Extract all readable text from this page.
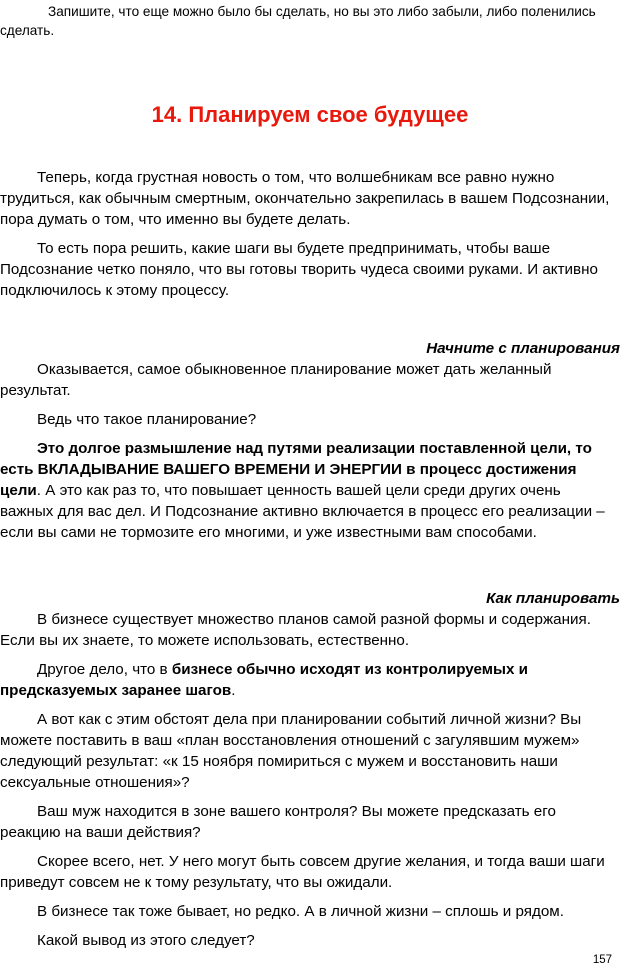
Запишите, что еще можно было бы сделать, но вы это либо забыли, либо поленились сделать.

14. Планируем свое будущее

Теперь, когда грустная новость о том, что волшебникам все равно нужно трудиться, как обычным смертным, окончательно закрепилась в вашем Подсознании, пора думать о том, что именно вы будете делать.

То есть пора решить, какие шаги вы будете предпринимать, чтобы ваше Подсознание четко поняло, что вы готовы творить чудеса своими руками. И активно подключилось к этому процессу.

Начните с планирования

Оказывается, самое обыкновенное планирование может дать желанный результат.

Ведь что такое планирование?

Это долгое размышление над путями реализации поставленной цели, то есть ВКЛАДЫВАНИЕ ВАШЕГО ВРЕМЕНИ И ЭНЕРГИИ в процесс достижения цели. А это как раз то, что повышает ценность вашей цели среди других очень важных для вас дел. И Подсознание активно включается в процесс его реализации – если вы сами не тормозите его многими, и уже известными вам способами.

Как планировать

В бизнесе существует множество планов самой разной формы и содержания. Если вы их знаете, то можете использовать, естественно.

Другое дело, что в бизнесе обычно исходят из контролируемых и предсказуемых заранее шагов.

А вот как с этим обстоят дела при планировании событий личной жизни? Вы можете поставить в ваш «план восстановления отношений с загулявшим мужем» следующий результат: «к 15 ноября помириться с мужем и восстановить наши сексуальные отношения»?

Ваш муж находится в зоне вашего контроля? Вы можете предсказать его реакцию на ваши действия?

Скорее всего, нет. У него могут быть совсем другие желания, и тогда ваши шаги приведут совсем не к тому результату, что вы ожидали.

В бизнесе так тоже бывает, но редко. А в личной жизни – сплошь и рядом.

Какой вывод из этого следует?

157
